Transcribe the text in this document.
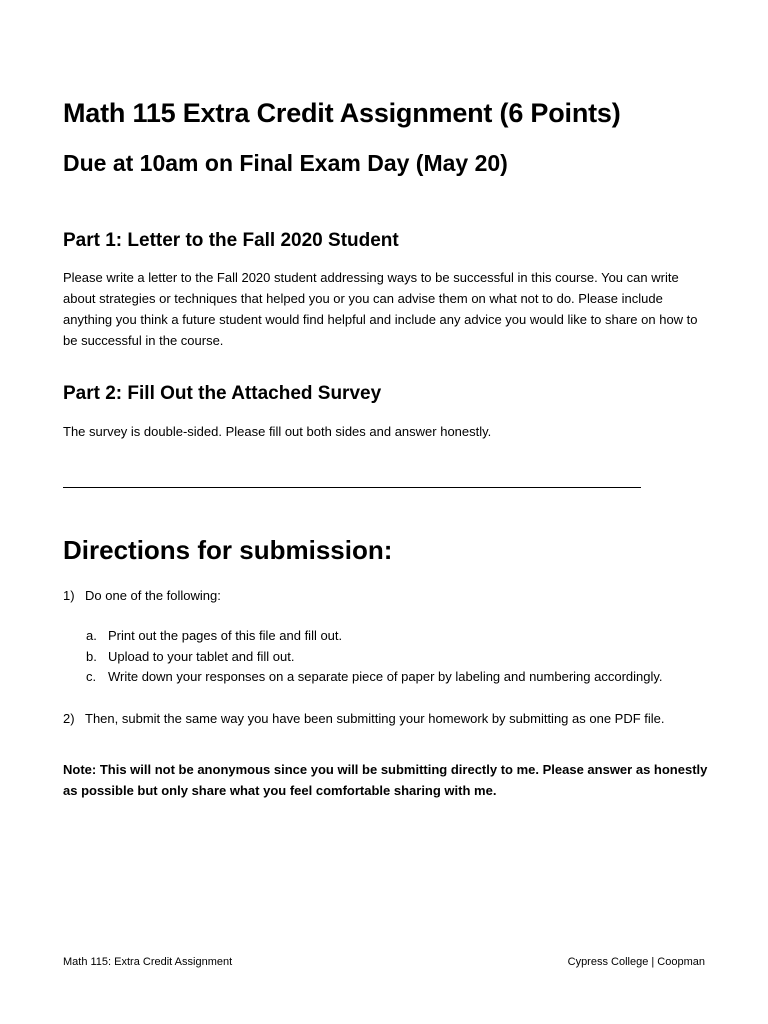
Math 115 Extra Credit Assignment (6 Points)
Due at 10am on Final Exam Day (May 20)
Part 1: Letter to the Fall 2020 Student
Please write a letter to the Fall 2020 student addressing ways to be successful in this course. You can write about strategies or techniques that helped you or you can advise them on what not to do. Please include anything you think a future student would find helpful and include any advice you would like to share on how to be successful in the course.
Part 2: Fill Out the Attached Survey
The survey is double-sided. Please fill out both sides and answer honestly.
Directions for submission:
1) Do one of the following:
a. Print out the pages of this file and fill out.
b. Upload to your tablet and fill out.
c. Write down your responses on a separate piece of paper by labeling and numbering accordingly.
2) Then, submit the same way you have been submitting your homework by submitting as one PDF file.
Note: This will not be anonymous since you will be submitting directly to me. Please answer as honestly as possible but only share what you feel comfortable sharing with me.
Math 115: Extra Credit Assignment	Cypress College | Coopman
